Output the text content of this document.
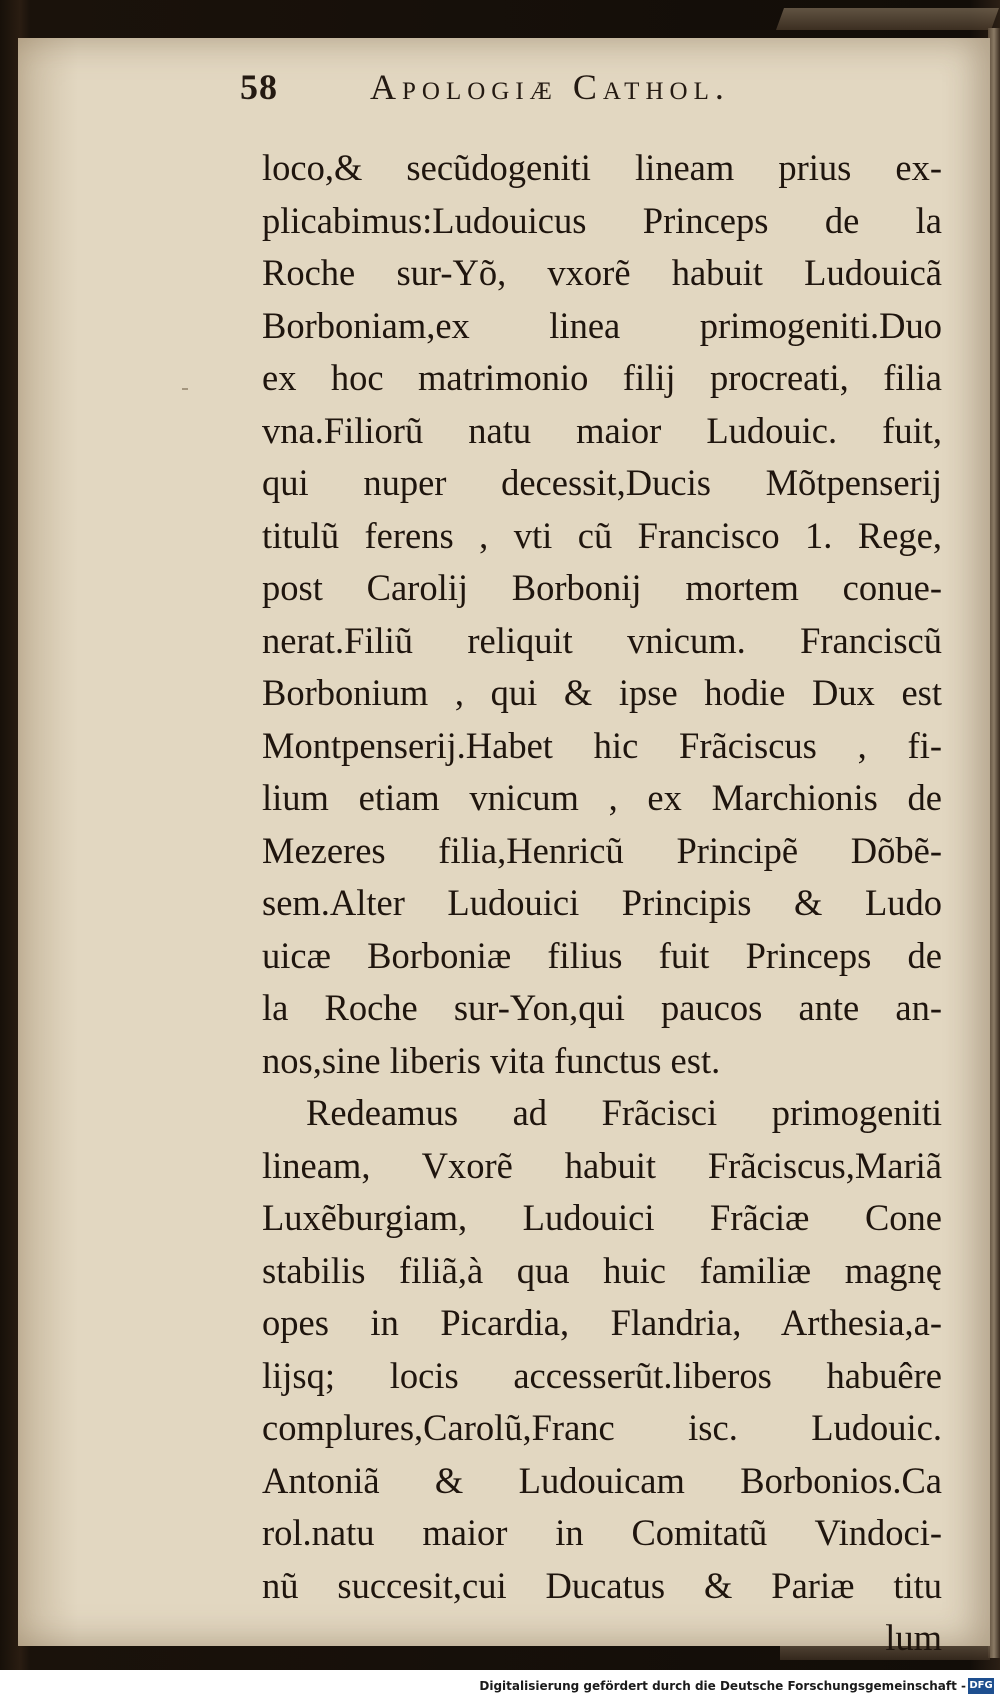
58	Apologiæ Cathol.
loco,& secũdogeniti lineam prius ex-
plicabimus:Ludouicus Princeps de la
Roche sur-Yõ, vxorẽ habuit Ludouicã
Borboniam,ex linea primogeniti.Duo
ex hoc matrimonio filij procreati, filia
vna.Filiorũ natu maior Ludouic. fuit,
qui nuper decessit,Ducis Mõtpenserij
titulũ ferens , vti cũ Francisco 1. Rege,
post Carolij Borbonij mortem conue-
nerat.Filiũ reliquit vnicum. Franciscũ
Borbonium , qui & ipse hodie Dux est
Montpenserij.Habet hic Frãciscus , fi-
lium etiam vnicum , ex Marchionis de
Mezeres filia,Henricũ Principẽ Dõbẽ-
sem.Alter Ludouici Principis & Ludo
uicæ Borboniæ filius fuit Princeps de
la Roche sur-Yon,qui paucos ante an-
nos,sine liberis vita functus est.
Redeamus ad Frãcisci primogeniti
lineam, Vxorẽ habuit Frãciscus,Mariã
Luxẽburgiam, Ludouici Frãciæ Cone
stabilis filiã,à qua huic familiæ magnę
opes in Picardia, Flandria, Arthesia,a-
lijsq; locis accesserũt.liberos habuêre
complures,Carolũ,Franc isc. Ludouic.
Antoniã & Ludouicam Borbonios.Ca
rol.natu maior in Comitatũ Vindoci-
nũ succesit,cui Ducatus & Pariæ titu
lum
Digitalisierung gefördert durch die Deutsche Forschungsgemeinschaft - DFG
